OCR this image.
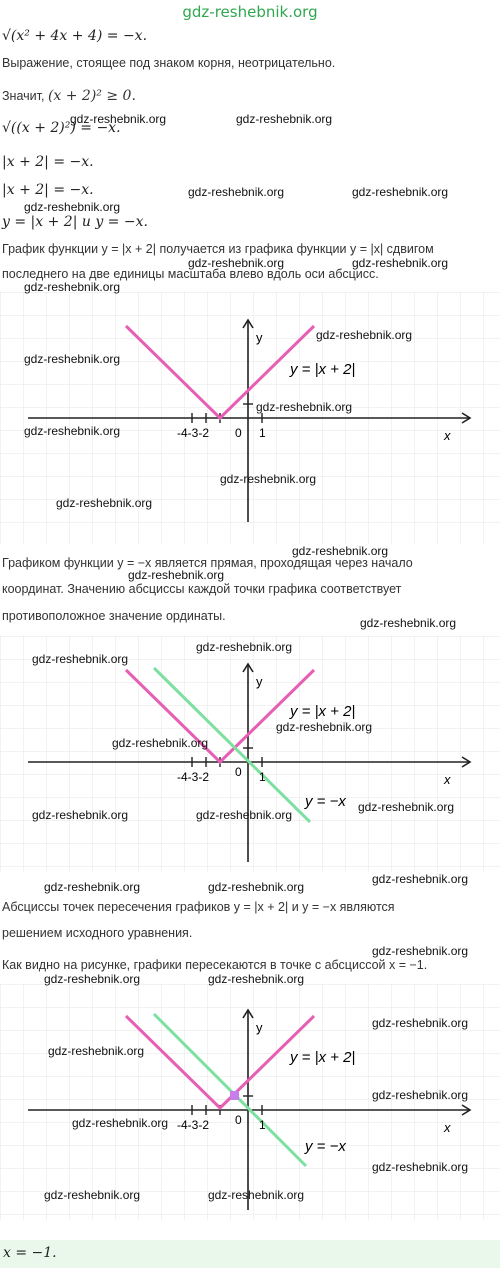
gdz-reshebnik.org
√(x² + 4x + 4) = −x.
Выражение, стоящее под знаком корня, неотрицательно.
Значит, (x + 2)² ≥ 0.
√((x + 2)²) = −x.
|x + 2| = −x.
|x + 2| = −x.
y = |x + 2| и y = −x.
График функции y = |x + 2| получается из графика функции y = |x| сдвигом
последнего на две единицы масштаба влево вдоль оси абсцисс.
y
x
-4-3-2 0 1
y = |x + 2|
Графиком функции y = −x является прямая, проходящая через начало
координат. Значению абсциссы каждой точки графика соответствует
противоположное значение ординаты.
y
x
-4-3-2 0 1
y = |x + 2|
y = −x
Абсциссы точек пересечения графиков y = |x + 2| и y = −x являются
решением исходного уравнения.
Как видно на рисунке, графики пересекаются в точке с абсциссой x = −1.
y
x
-4-3-2 0 1
y = |x + 2|
y = −x
x = −1.
gdz-reshebnik.org	gdz-reshebnik.org
gdz-reshebnik.org	gdz-reshebnik.org
gdz-reshebnik.org
gdz-reshebnik.org	gdz-reshebnik.org
gdz-reshebnik.org
gdz-reshebnik.org
gdz-reshebnik.org
gdz-reshebnik.org
gdz-reshebnik.org
gdz-reshebnik.org
gdz-reshebnik.org
gdz-reshebnik.org
gdz-reshebnik.org
gdz-reshebnik.org
gdz-reshebnik.org
gdz-reshebnik.org
gdz-reshebnik.org
gdz-reshebnik.org
gdz-reshebnik.org
gdz-reshebnik.org	gdz-reshebnik.org
gdz-reshebnik.org
gdz-reshebnik.org	gdz-reshebnik.org
gdz-reshebnik.org
gdz-reshebnik.org	gdz-reshebnik.org
gdz-reshebnik.org
gdz-reshebnik.org
gdz-reshebnik.org
gdz-reshebnik.org
gdz-reshebnik.org
gdz-reshebnik.org	gdz-reshebnik.org
